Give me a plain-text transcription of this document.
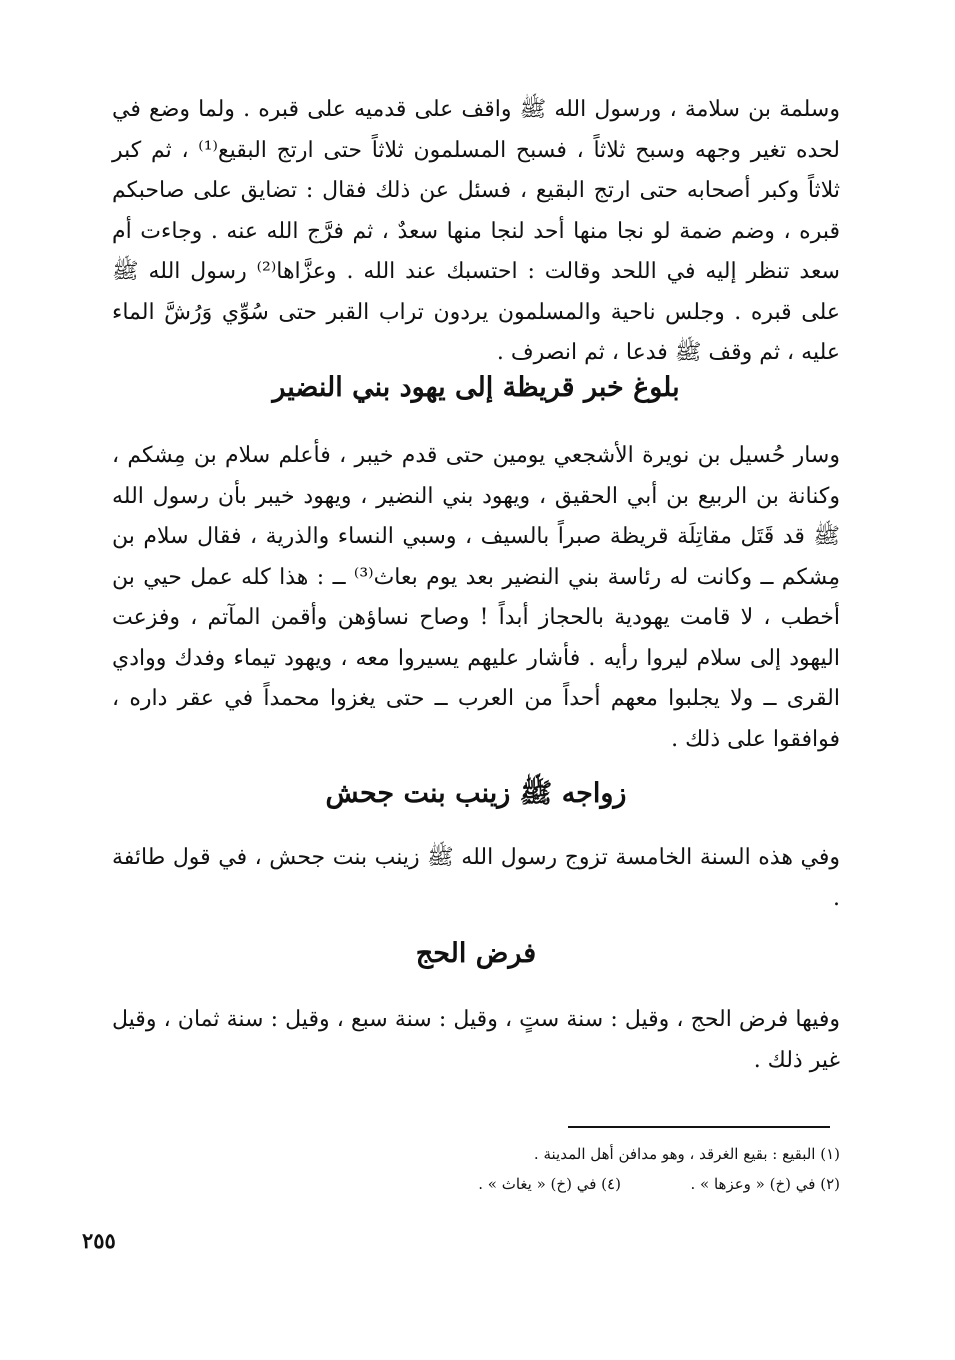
وسلمة بن سلامة ، ورسول الله ﷺ واقف على قدميه على قبره . ولما وضع في لحده تغير وجهه وسبح ثلاثاً ، فسبح المسلمون ثلاثاً حتى ارتج البقيع⁽¹⁾ ، ثم كبر ثلاثاً وكبر أصحابه حتى ارتج البقيع ، فسئل عن ذلك فقال : تضايق على صاحبكم قبره ، وضم ضمة لو نجا منها أحد لنجا منها سعدٌ ، ثم فرَّج الله عنه . وجاءت أم سعد تنظر إليه في اللحد وقالت : احتسبك عند الله . وعزَّاها⁽²⁾ رسول الله ﷺ على قبره . وجلس ناحية والمسلمون يردون تراب القبر حتى سُوِّي وَرُشَّ الماء عليه ، ثم وقف ﷺ فدعا ، ثم انصرف .

بلوغ خبر قريظة إلى يهود بني النضير

وسار حُسيل بن نويرة الأشجعي يومين حتى قدم خيبر ، فأعلم سلام بن مِشكم ، وكنانة بن الربيع بن أبي الحقيق ، ويهود بني النضير ، ويهود خيبر بأن رسول الله ﷺ قد قَتَل مقاتِلَة قريظة صبراً بالسيف ، وسبي النساء والذرية ، فقال سلام بن مِشكم ــ وكانت له رئاسة بني النضير بعد يوم بعاث⁽³⁾ ــ : هذا كله عمل حيي بن أخطب ، لا قامت يهودية بالحجاز أبداً ! وصاح نساؤهن وأقمن المآتم ، وفزعت اليهود إلى سلام ليروا رأيه . فأشار عليهم يسيروا معه ، ويهود تيماء وفدك ووادي القرى ــ ولا يجلبوا معهم أحداً من العرب ــ حتى يغزوا محمداً في عقر داره ، فوافقوا على ذلك .

زواجه ﷺ زينب بنت جحش

وفي هذه السنة الخامسة تزوج رسول الله ﷺ زينب بنت جحش ، في قول طائفة .

فرض الحج

وفيها فرض الحج ، وقيل : سنة ستٍ ، وقيل : سنة سبع ، وقيل : سنة ثمان ، وقيل غير ذلك .

(١) البقيع : بقيع الغرقد ، وهو مدافن أهل المدينة .
(٢) في (خ) « وعزها » .  (٤) في (خ) « يغاث » .
٢٥٥
